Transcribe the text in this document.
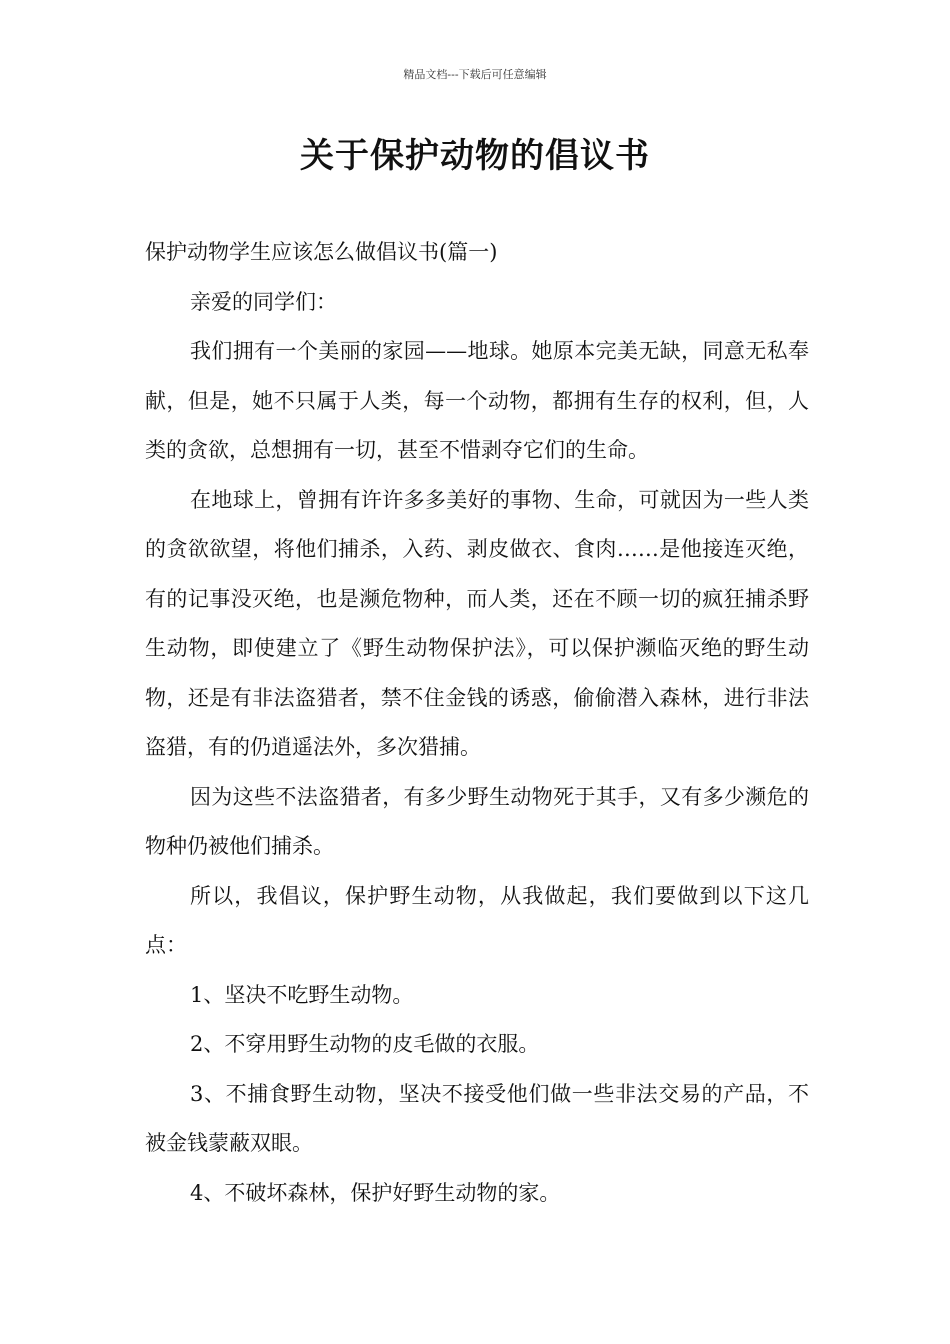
精品文档---下载后可任意编辑
关于保护动物的倡议书

保护动物学生应该怎么做倡议书(篇一)

亲爱的同学们：

我们拥有一个美丽的家园——地球。她原本完美无缺，同意无私奉献，但是，她不只属于人类，每一个动物，都拥有生存的权利，但，人类的贪欲，总想拥有一切，甚至不惜剥夺它们的生命。

在地球上，曾拥有许许多多美好的事物、生命，可就因为一些人类的贪欲欲望，将他们捕杀，入药、剥皮做衣、食肉……是他接连灭绝，有的记事没灭绝，也是濒危物种，而人类，还在不顾一切的疯狂捕杀野生动物，即使建立了《野生动物保护法》，可以保护濒临灭绝的野生动物，还是有非法盗猎者，禁不住金钱的诱惑，偷偷潜入森林，进行非法盗猎，有的仍逍遥法外，多次猎捕。

因为这些不法盗猎者，有多少野生动物死于其手，又有多少濒危的物种仍被他们捕杀。

所以，我倡议，保护野生动物，从我做起，我们要做到以下这几点：

1、坚决不吃野生动物。

2、不穿用野生动物的皮毛做的衣服。

3、不捕食野生动物，坚决不接受他们做一些非法交易的产品，不被金钱蒙蔽双眼。

4、不破坏森林，保护好野生动物的家。
